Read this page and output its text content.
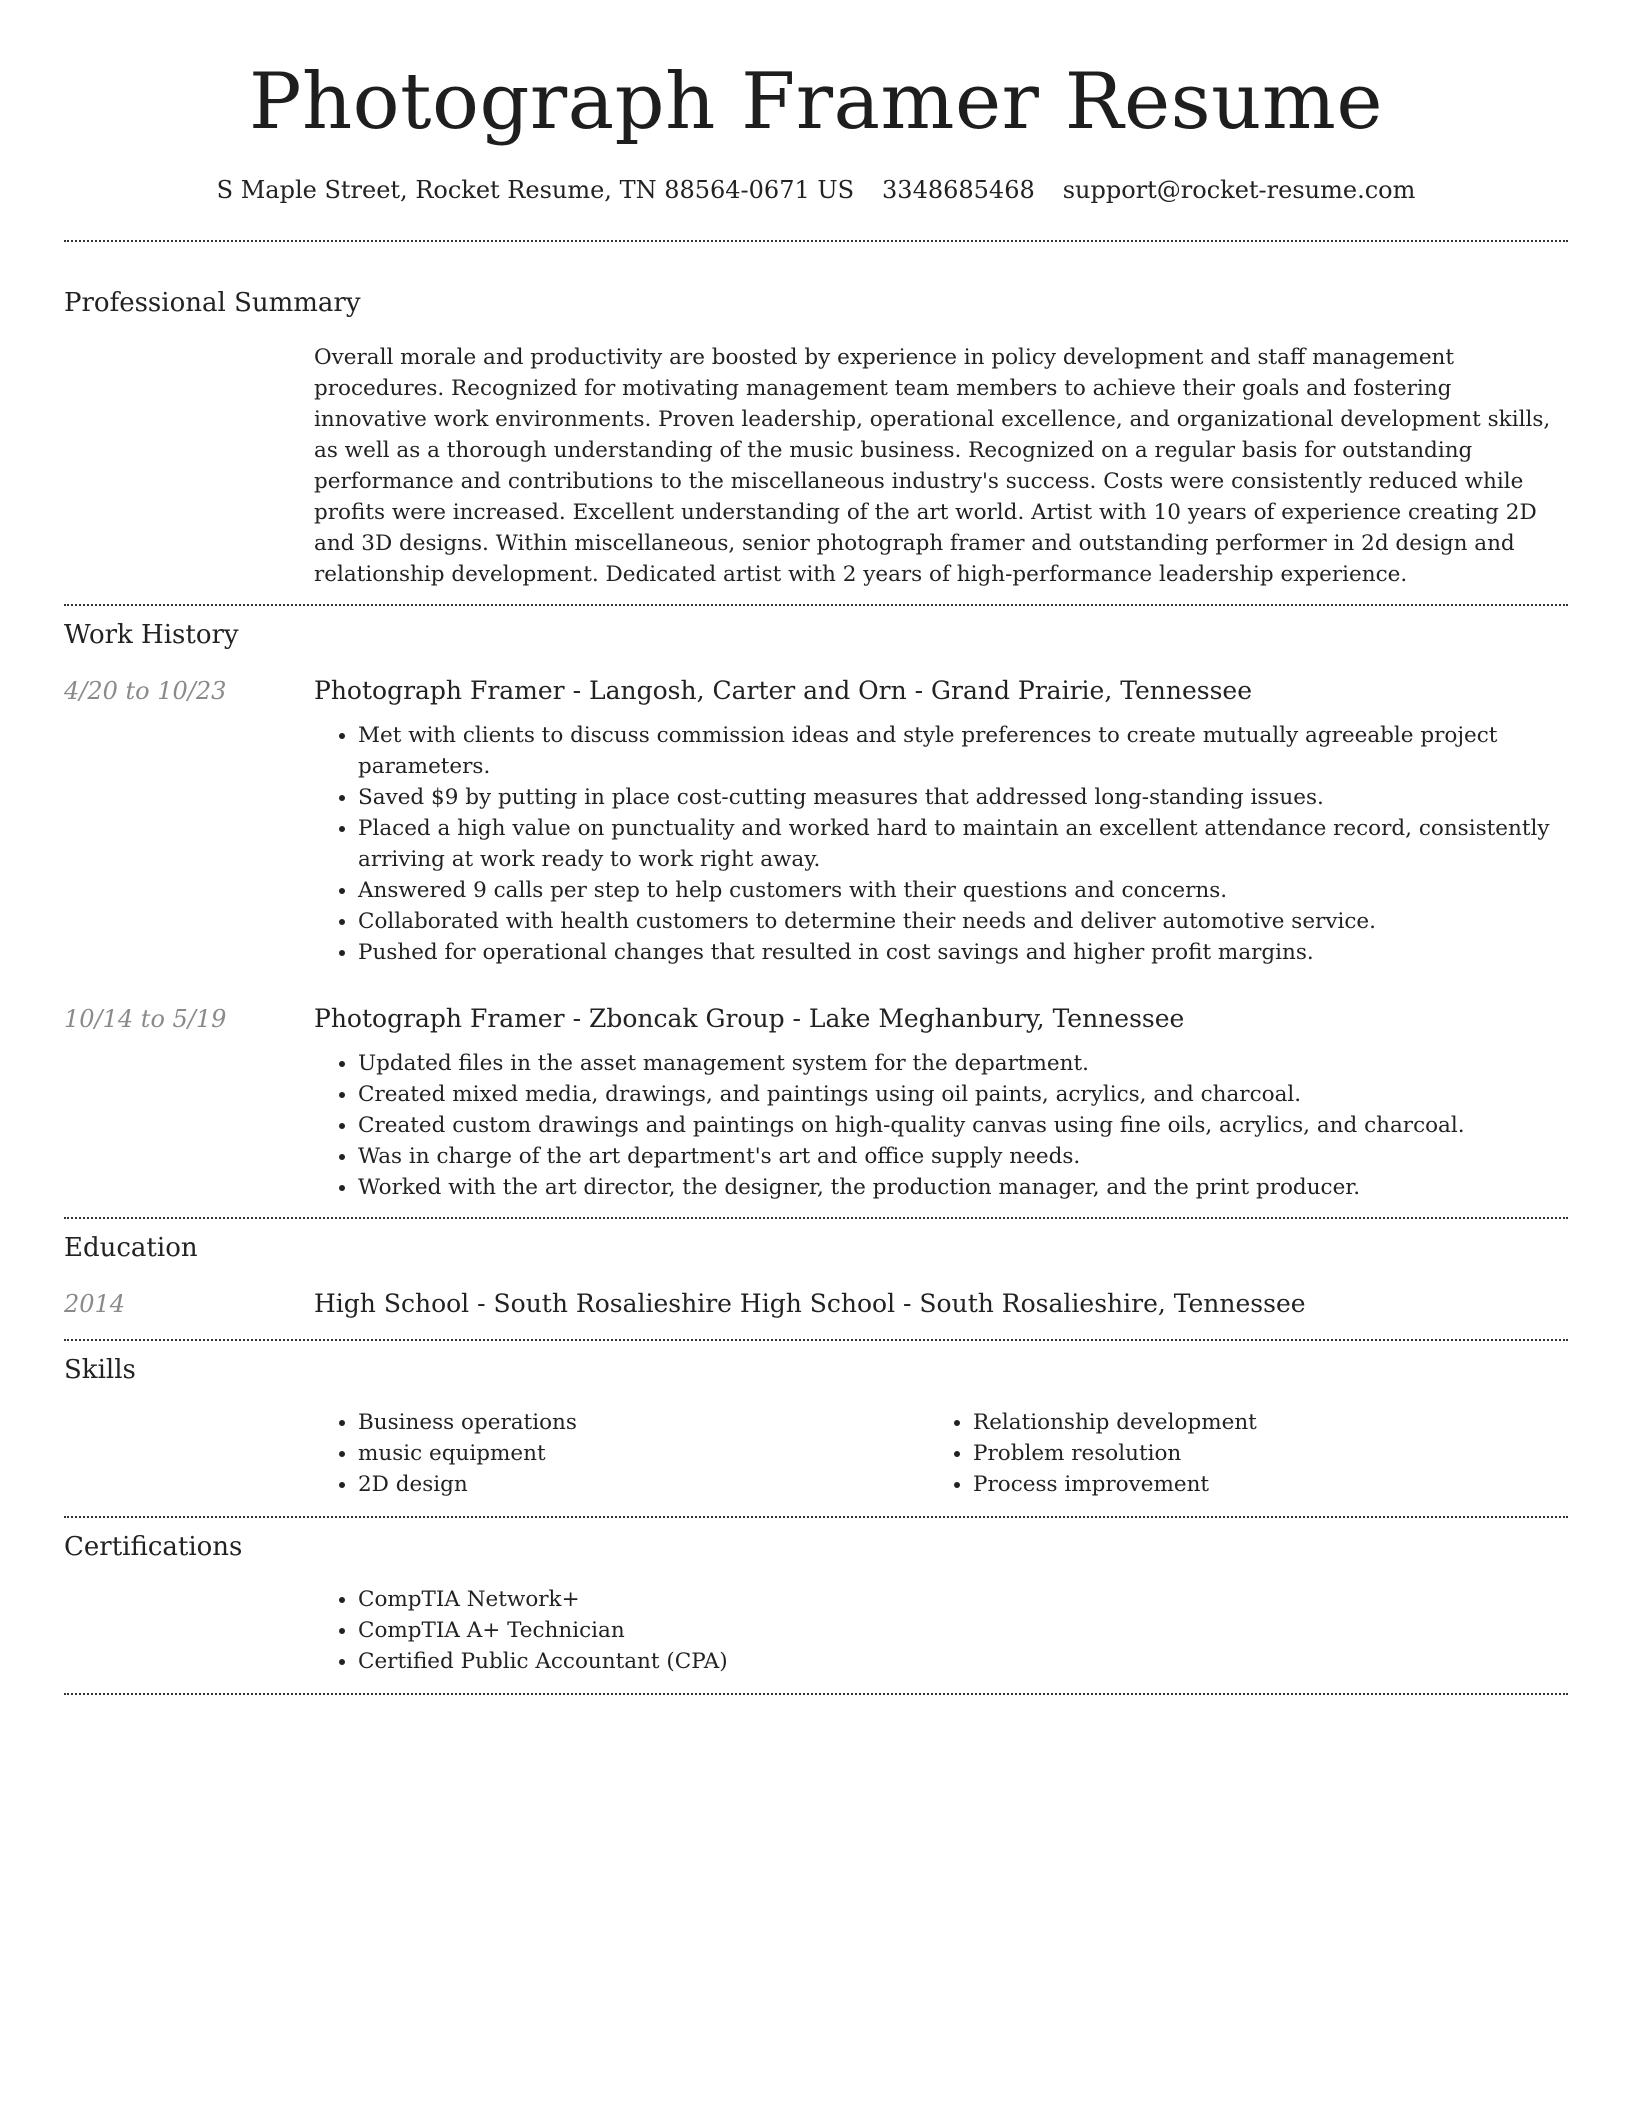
Photograph Framer Resume
S Maple Street, Rocket Resume, TN 88564-0671 US 3348685468 support@rocket-resume.com
Professional Summary

Overall morale and productivity are boosted by experience in policy development and staff management procedures. Recognized for motivating management team members to achieve their goals and fostering innovative work environments. Proven leadership, operational excellence, and organizational development skills, as well as a thorough understanding of the music business. Recognized on a regular basis for outstanding performance and contributions to the miscellaneous industry's success. Costs were consistently reduced while profits were increased. Excellent understanding of the art world. Artist with 10 years of experience creating 2D and 3D designs. Within miscellaneous, senior photograph framer and outstanding performer in 2d design and relationship development. Dedicated artist with 2 years of high-performance leadership experience.

Work History
4/20 to 10/23	Photograph Framer - Langosh, Carter and Orn - Grand Prairie, Tennessee
• Met with clients to discuss commission ideas and style preferences to create mutually agreeable project parameters.
• Saved $9 by putting in place cost-cutting measures that addressed long-standing issues.
• Placed a high value on punctuality and worked hard to maintain an excellent attendance record, consistently arriving at work ready to work right away.
• Answered 9 calls per step to help customers with their questions and concerns.
• Collaborated with health customers to determine their needs and deliver automotive service.
• Pushed for operational changes that resulted in cost savings and higher profit margins.
10/14 to 5/19	Photograph Framer - Zboncak Group - Lake Meghanbury, Tennessee
• Updated files in the asset management system for the department.
• Created mixed media, drawings, and paintings using oil paints, acrylics, and charcoal.
• Created custom drawings and paintings on high-quality canvas using fine oils, acrylics, and charcoal.
• Was in charge of the art department's art and office supply needs.
• Worked with the art director, the designer, the production manager, and the print producer.
Education
2014	High School - South Rosalieshire High School - South Rosalieshire, Tennessee
Skills
• Business operations
• music equipment
• 2D design
• Relationship development
• Problem resolution
• Process improvement
Certifications
• CompTIA Network+
• CompTIA A+ Technician
• Certified Public Accountant (CPA)
